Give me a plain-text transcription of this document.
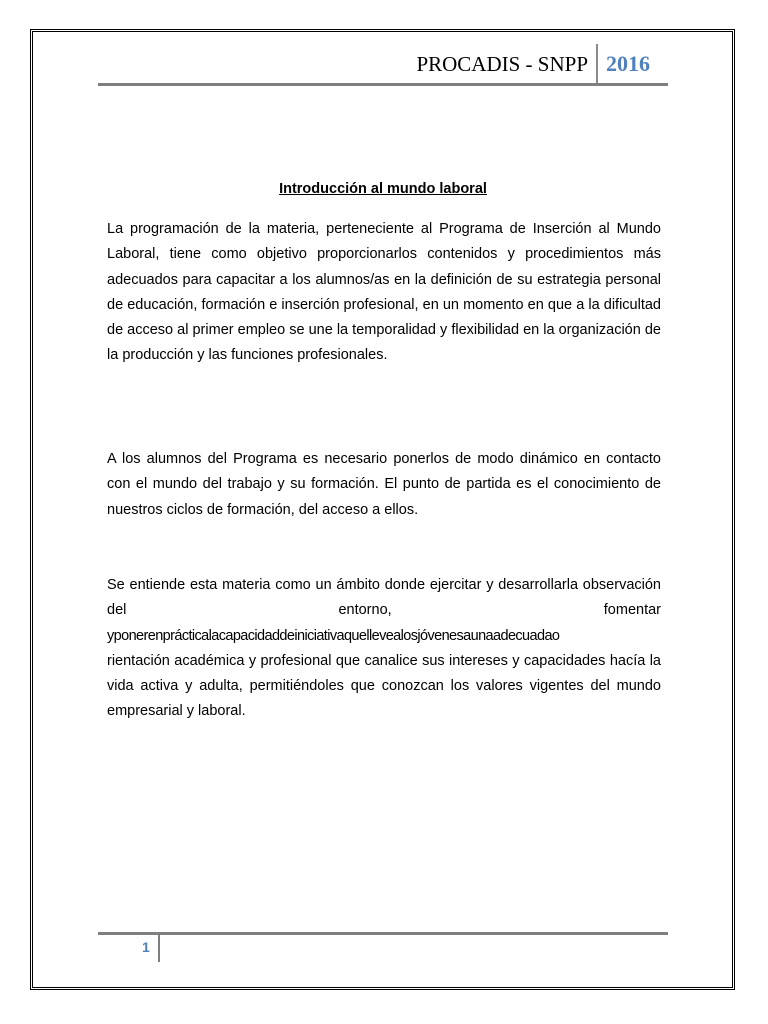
PROCADIS - SNPP 2016
Introducción al mundo laboral

La programación de la materia, perteneciente al Programa de Inserción al Mundo Laboral, tiene como objetivo proporcionarlos contenidos y procedimientos más adecuados para capacitar a los alumnos/as en la definición de su estrategia personal de educación, formación e inserción profesional, en un momento en que a la dificultad de acceso al primer empleo se une la temporalidad y flexibilidad en la organización de la producción y las funciones profesionales.

A los alumnos del Programa es necesario ponerlos de modo dinámico en contacto con el mundo del trabajo y su formación. El punto de partida es el conocimiento de nuestros ciclos de formación, del acceso a ellos.

Se entiende esta materia como un ámbito donde ejercitar y desarrollarla observación del entorno, fomentar
yponerenprácticalacapacidaddeiniciativaquellevealosjóvenesaunaadecuadao
rientación académica y profesional que canalice sus intereses y capacidades hacía la vida activa y adulta, permitiéndoles que conozcan los valores vigentes del mundo empresarial y laboral.
1
